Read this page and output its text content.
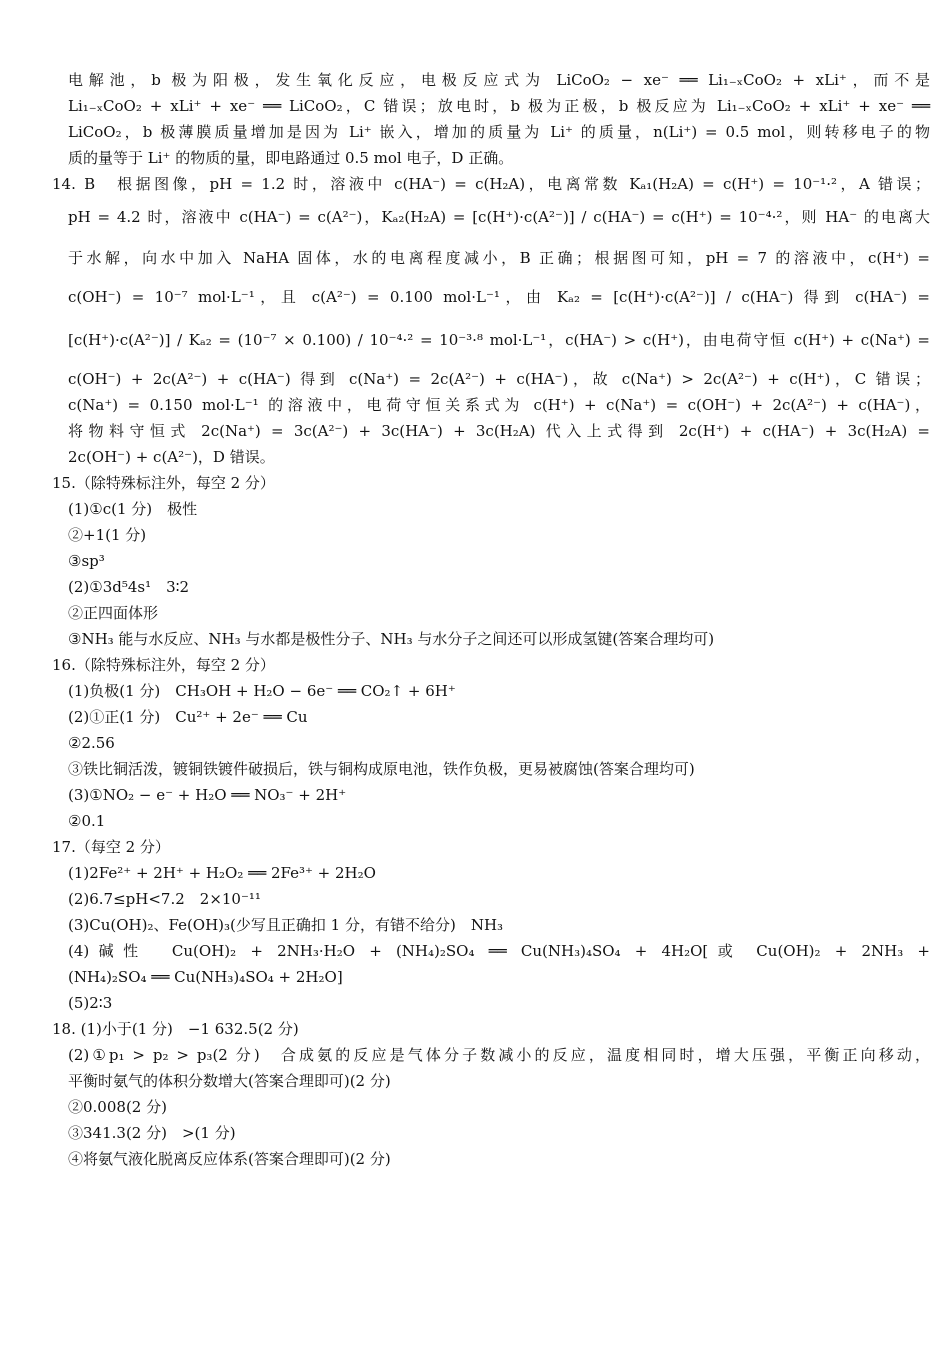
电解池，b 极为阳极，发生氧化反应，电极反应式为 LiCoO₂ − xe⁻ ══ Li₁₋ₓCoO₂ + xLi⁺，而不是
Li₁₋ₓCoO₂ + xLi⁺ + xe⁻ ══ LiCoO₂，C 错误；放电时，b 极为正极，b 极反应为 Li₁₋ₓCoO₂ + xLi⁺ + xe⁻ ══
LiCoO₂，b 极薄膜质量增加是因为 Li⁺ 嵌入，增加的质量为 Li⁺ 的质量，n(Li⁺) = 0.5 mol，则转移电子的物
质的量等于 Li⁺ 的物质的量，即电路通过 0.5 mol 电子，D 正确。
14. B　根据图像，pH = 1.2 时，溶液中 c(HA⁻) = c(H₂A)，电离常数 Kₐ₁(H₂A) = c(H⁺) = 10⁻¹·²，A 错误；
pH = 4.2 时，溶液中 c(HA⁻) = c(A²⁻)，Kₐ₂(H₂A) = [c(H⁺)·c(A²⁻)] / c(HA⁻) = c(H⁺) = 10⁻⁴·²，则 HA⁻ 的电离大
于水解，向水中加入 NaHA 固体，水的电离程度减小，B 正确；根据图可知，pH = 7 的溶液中，c(H⁺) =
c(OH⁻) = 10⁻⁷ mol·L⁻¹，且 c(A²⁻) = 0.100 mol·L⁻¹，由 Kₐ₂ = [c(H⁺)·c(A²⁻)] / c(HA⁻) 得到 c(HA⁻) =
[c(H⁺)·c(A²⁻)] / Kₐ₂ = (10⁻⁷ × 0.100) / 10⁻⁴·² = 10⁻³·⁸ mol·L⁻¹，c(HA⁻) > c(H⁺)，由电荷守恒 c(H⁺) + c(Na⁺) =
c(OH⁻) + 2c(A²⁻) + c(HA⁻) 得到 c(Na⁺) = 2c(A²⁻) + c(HA⁻)，故 c(Na⁺) > 2c(A²⁻) + c(H⁺)，C 错误；
c(Na⁺) = 0.150 mol·L⁻¹ 的溶液中，电荷守恒关系式为 c(H⁺) + c(Na⁺) = c(OH⁻) + 2c(A²⁻) + c(HA⁻)，
将物料守恒式 2c(Na⁺) = 3c(A²⁻) + 3c(HA⁻) + 3c(H₂A) 代入上式得到 2c(H⁺) + c(HA⁻) + 3c(H₂A) =
2c(OH⁻) + c(A²⁻)，D 错误。
15.（除特殊标注外，每空 2 分）
(1)①c(1 分)　极性
②+1(1 分)
③sp³
(2)①3d⁵4s¹　3∶2
②正四面体形
③NH₃ 能与水反应、NH₃ 与水都是极性分子、NH₃ 与水分子之间还可以形成氢键(答案合理均可)
16.（除特殊标注外，每空 2 分）
(1)负极(1 分)　CH₃OH + H₂O − 6e⁻ ══ CO₂↑ + 6H⁺
(2)①正(1 分)　Cu²⁺ + 2e⁻ ══ Cu
②2.56
③铁比铜活泼，镀铜铁镀件破损后，铁与铜构成原电池，铁作负极，更易被腐蚀(答案合理均可)
(3)①NO₂ − e⁻ + H₂O ══ NO₃⁻ + 2H⁺
②0.1
17.（每空 2 分）
(1)2Fe²⁺ + 2H⁺ + H₂O₂ ══ 2Fe³⁺ + 2H₂O
(2)6.7≤pH<7.2　2×10⁻¹¹
(3)Cu(OH)₂、Fe(OH)₃(少写且正确扣 1 分，有错不给分)　NH₃
(4)碱性　Cu(OH)₂ + 2NH₃·H₂O + (NH₄)₂SO₄ ══ Cu(NH₃)₄SO₄ + 4H₂O[或 Cu(OH)₂ + 2NH₃ +
(NH₄)₂SO₄ ══ Cu(NH₃)₄SO₄ + 2H₂O]
(5)2∶3
18. (1)小于(1 分)　−1 632.5(2 分)
(2)①p₁ > p₂ > p₃(2 分)　合成氨的反应是气体分子数减小的反应，温度相同时，增大压强，平衡正向移动，
平衡时氨气的体积分数增大(答案合理即可)(2 分)
②0.008(2 分)
③341.3(2 分)　>(1 分)
④将氨气液化脱离反应体系(答案合理即可)(2 分)
